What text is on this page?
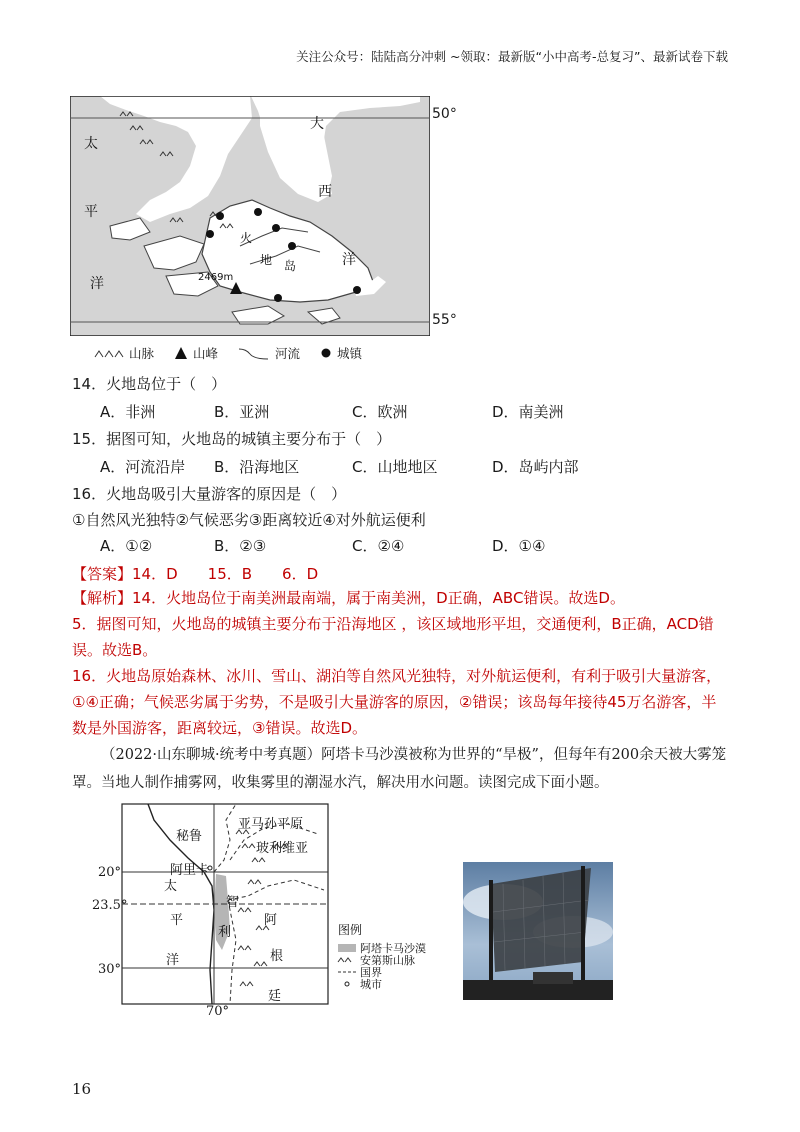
关注公众号：陆陆高分冲刺 ~领取：最新版“小中高考-总复习”、最新试卷下载
太
平
洋
大
西
洋
火
地 岛
2469m
50°
55°
山脉	山峰	河流	城镇
14．火地岛位于（　）
A．非洲	B．亚洲	C．欧洲	D．南美洲
15．据图可知，火地岛的城镇主要分布于（　）
A．河流沿岸 B．沿海地区	C．山地地区	D．岛屿内部
16．火地岛吸引大量游客的原因是（　）
①自然风光独特②气候恶劣③距离较近④对外航运便利
A．①②	B．②③	C．②④	D．①④
【答案】14．D　　15．B　　6．D
【解析】14．火地岛位于南美洲最南端，属于南美洲，D正确，ABC错误。故选D。
5．据图可知，火地岛的城镇主要分布于沿海地区 ，该区域地形平坦，交通便利，B正确，ACD错误。故选B。
16．火地岛原始森林、冰川、雪山、湖泊等自然风光独特，对外航运便利，有利于吸引大量游客，①④正确；气候恶劣属于劣势，不是吸引大量游客的原因，②错误；该岛每年接待45万名游客，半数是外国游客，距离较远，③错误。故选D。
（2022·山东聊城·统考中考真题）阿塔卡马沙漠被称为世界的“旱极”，但每年有200余天被大雾笼罩。当地人制作捕雾网，收集雾里的潮湿水汽，解决用水问题。读图完成下面小题。
秘鲁
亚马孙平原
玻利维亚
阿里卡
太
平
洋
智
利
阿
根
廷
图例
阿塔卡马沙漠
安第斯山脉
国界
城市
20°
23.5°
30°
70°
16
